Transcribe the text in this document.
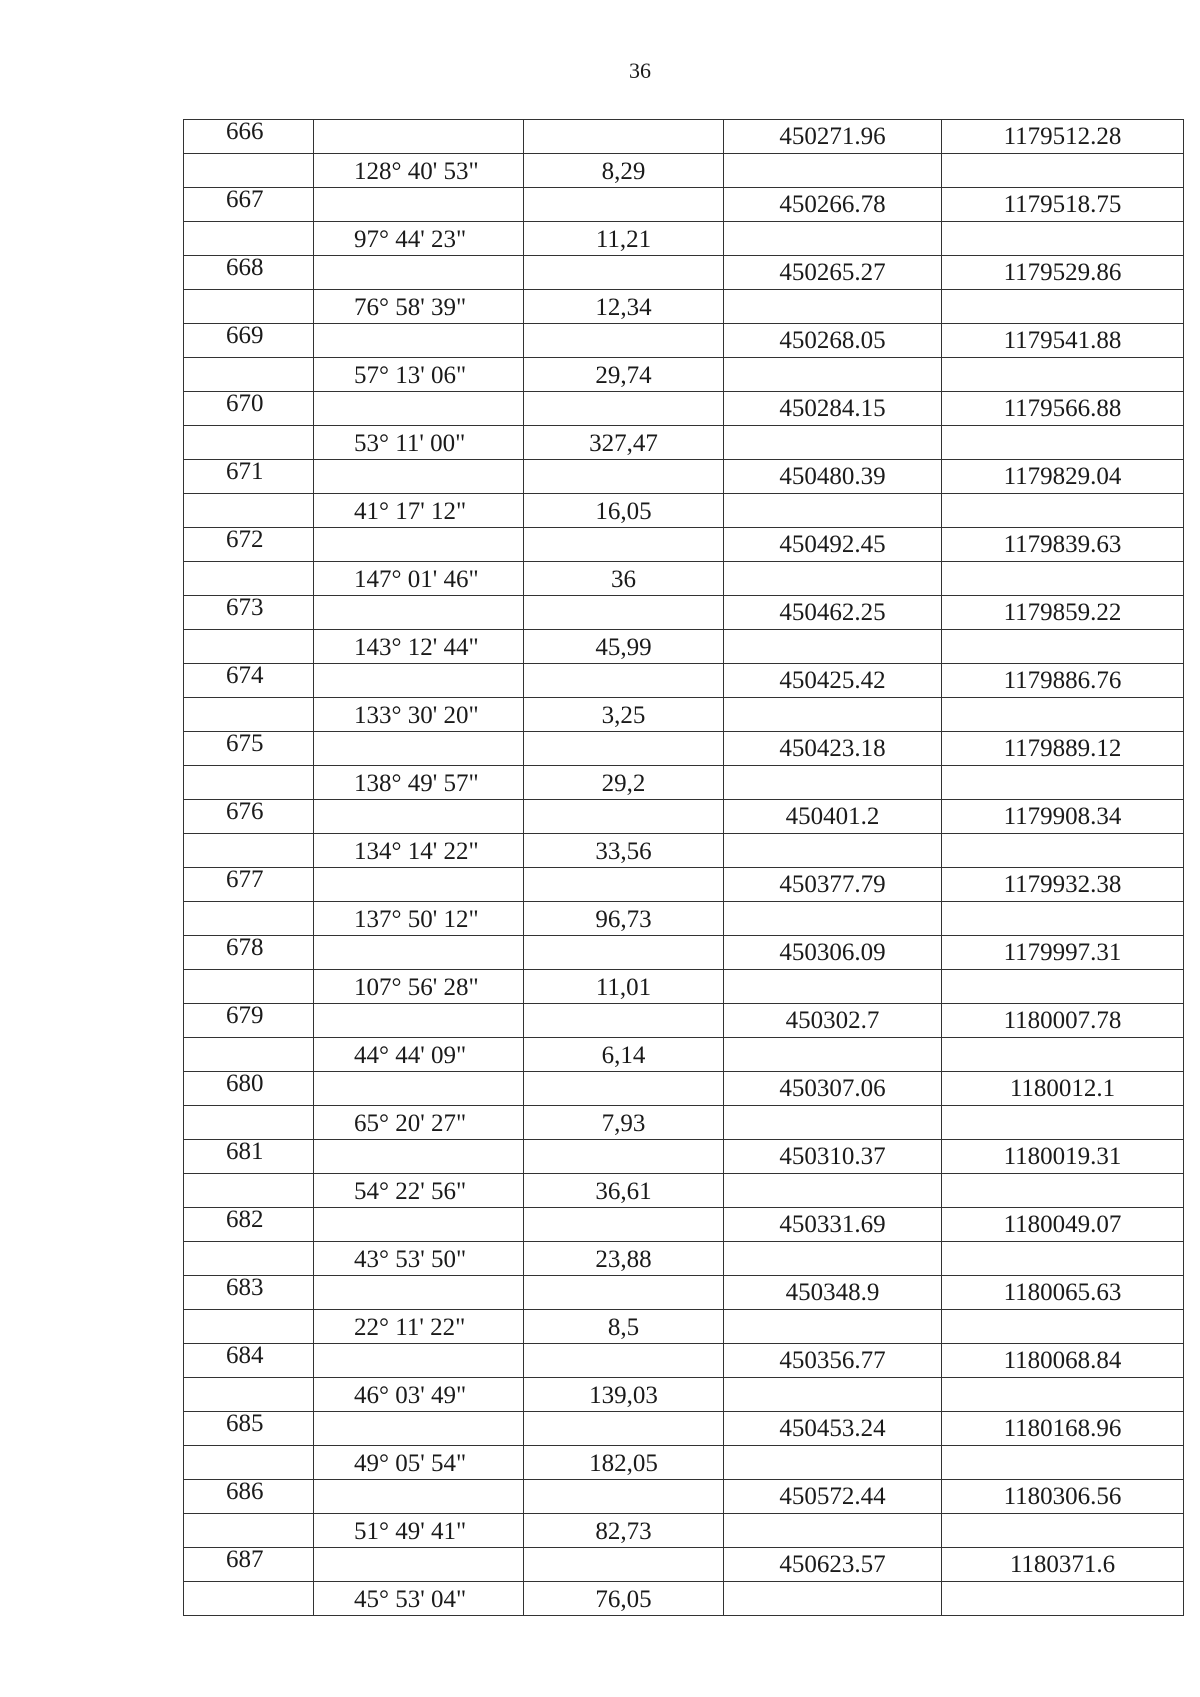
36
666			450271.96	1179512.28
	128° 40' 53"	8,29		
667			450266.78	1179518.75
	97° 44' 23"	11,21		
668			450265.27	1179529.86
	76° 58' 39"	12,34		
669			450268.05	1179541.88
	57° 13' 06"	29,74		
670			450284.15	1179566.88
	53° 11' 00"	327,47		
671			450480.39	1179829.04
	41° 17' 12"	16,05		
672			450492.45	1179839.63
	147° 01' 46"	36		
673			450462.25	1179859.22
	143° 12' 44"	45,99		
674			450425.42	1179886.76
	133° 30' 20"	3,25		
675			450423.18	1179889.12
	138° 49' 57"	29,2		
676			450401.2	1179908.34
	134° 14' 22"	33,56		
677			450377.79	1179932.38
	137° 50' 12"	96,73		
678			450306.09	1179997.31
	107° 56' 28"	11,01		
679			450302.7	1180007.78
	44° 44' 09"	6,14		
680			450307.06	1180012.1
	65° 20' 27"	7,93		
681			450310.37	1180019.31
	54° 22' 56"	36,61		
682			450331.69	1180049.07
	43° 53' 50"	23,88		
683			450348.9	1180065.63
	22° 11' 22"	8,5		
684			450356.77	1180068.84
	46° 03' 49"	139,03		
685			450453.24	1180168.96
	49° 05' 54"	182,05		
686			450572.44	1180306.56
	51° 49' 41"	82,73		
687			450623.57	1180371.6
	45° 53' 04"	76,05		
